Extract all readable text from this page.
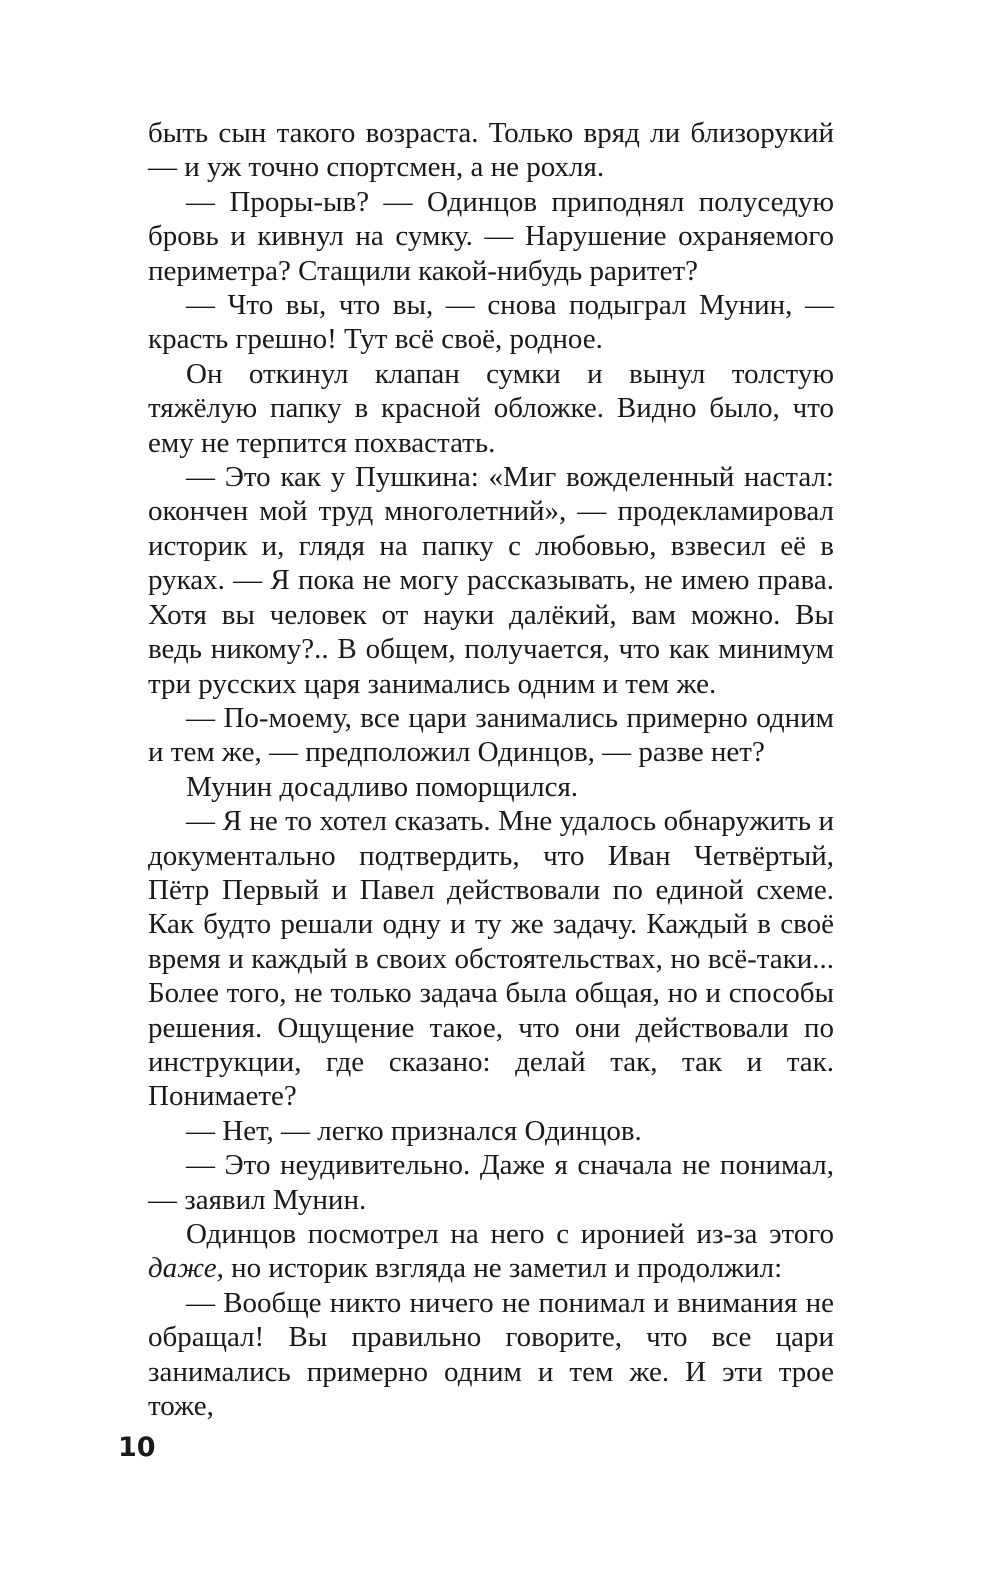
быть сын такого возраста. Только вряд ли близорукий — и уж точно спортсмен, а не рохля.

— Проры-ыв? — Одинцов приподнял полуседую бровь и кивнул на сумку. — Нарушение охраняемого периметра? Стащили какой-нибудь раритет?

— Что вы, что вы, — снова подыграл Мунин, — красть грешно! Тут всё своё, родное.

Он откинул клапан сумки и вынул толстую тяжёлую папку в красной обложке. Видно было, что ему не терпится похвастать.

— Это как у Пушкина: «Миг вожделенный настал: окончен мой труд многолетний», — продекламировал историк и, глядя на папку с любовью, взвесил её в руках. — Я пока не могу рассказывать, не имею права. Хотя вы человек от науки далёкий, вам можно. Вы ведь никому?.. В общем, получается, что как минимум три русских царя занимались одним и тем же.

— По-моему, все цари занимались примерно одним и тем же, — предположил Одинцов, — разве нет?

Мунин досадливо поморщился.

— Я не то хотел сказать. Мне удалось обнаружить и документально подтвердить, что Иван Четвёртый, Пётр Первый и Павел действовали по единой схеме. Как будто решали одну и ту же задачу. Каждый в своё время и каждый в своих обстоятельствах, но всё-таки... Более того, не только задача была общая, но и способы решения. Ощущение такое, что они действовали по инструкции, где сказано: делай так, так и так. Понимаете?

— Нет, — легко признался Одинцов.

— Это неудивительно. Даже я сначала не понимал, — заявил Мунин.

Одинцов посмотрел на него с иронией из-за этого даже, но историк взгляда не заметил и продолжил:

— Вообще никто ничего не понимал и внимания не обращал! Вы правильно говорите, что все цари занимались примерно одним и тем же. И эти трое тоже,

10
